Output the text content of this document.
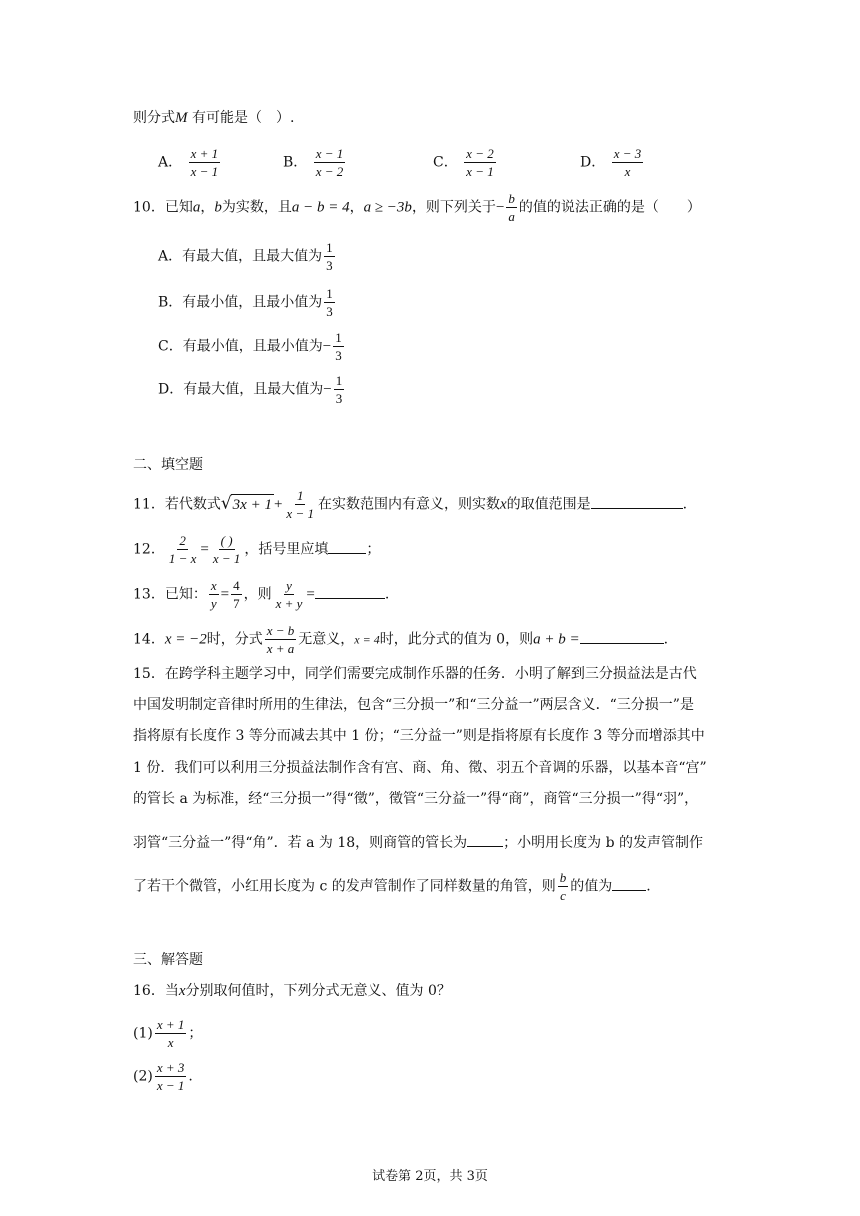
则分式M 有可能是（　）.
A． $\frac{x + 1}{x - 1}$	B． $\frac{x - 1}{x - 2}$	C． $\frac{x - 2}{x - 1}$	D． $\frac{x - 3}{x}$
10．已知a，b为实数，且a − b = 4，a ≥ −3b，则下列关于− $\frac{b}{a}$ 的值的说法正确的是（　　）
A．有最大值，且最大值为 $\frac{1}{3}$
B．有最小值，且最小值为 $\frac{1}{3}$
C．有最小值，且最小值为− $\frac{1}{3}$
D．有最大值，且最大值为− $\frac{1}{3}$
二、填空题
11．若代数式$√3x + 1 + \frac{1}{x - 1}$ 在实数范围内有意义，则实数x的取值范围是	.
12． $\frac{2}{1 - x} = \frac{( )}{x - 1}$ ，括号里应填	；
13．已知： $\frac{x}{y} = \frac{4}{7}$ ，则 $\frac{y}{x + y}$ =	.
14．x = −2时，分式 $\frac{x - b}{x + a}$ 无意义，x = 4时，此分式的值为 0，则a + b =	.
15．在跨学科主题学习中，同学们需要完成制作乐器的任务．小明了解到三分损益法是古代
中国发明制定音律时所用的生律法，包含“三分损一”和“三分益一”两层含义．“三分损一”是
指将原有长度作 3 等分而减去其中 1 份；“三分益一”则是指将原有长度作 3 等分而增添其中
1 份．我们可以利用三分损益法制作含有宫、商、角、徵、羽五个音调的乐器，以基本音“宫”
的管长 a 为标准，经“三分损一”得“徵”，徵管“三分益一”得“商”，商管“三分损一”得“羽”，
羽管“三分益一”得“角”．若 a 为 18，则商管的管长为	；小明用长度为 b 的发声管制作
了若干个微管，小红用长度为 c 的发声管制作了同样数量的角管，则 $\frac{b}{c}$ 的值为 .
三、解答题
16．当x分别取何值时，下列分式无意义、值为 0？
$(1) \frac{x + 1}{x}$ ；
$(2) \frac{x + 3}{x - 1}$ .
试卷第 2页，共 3页
